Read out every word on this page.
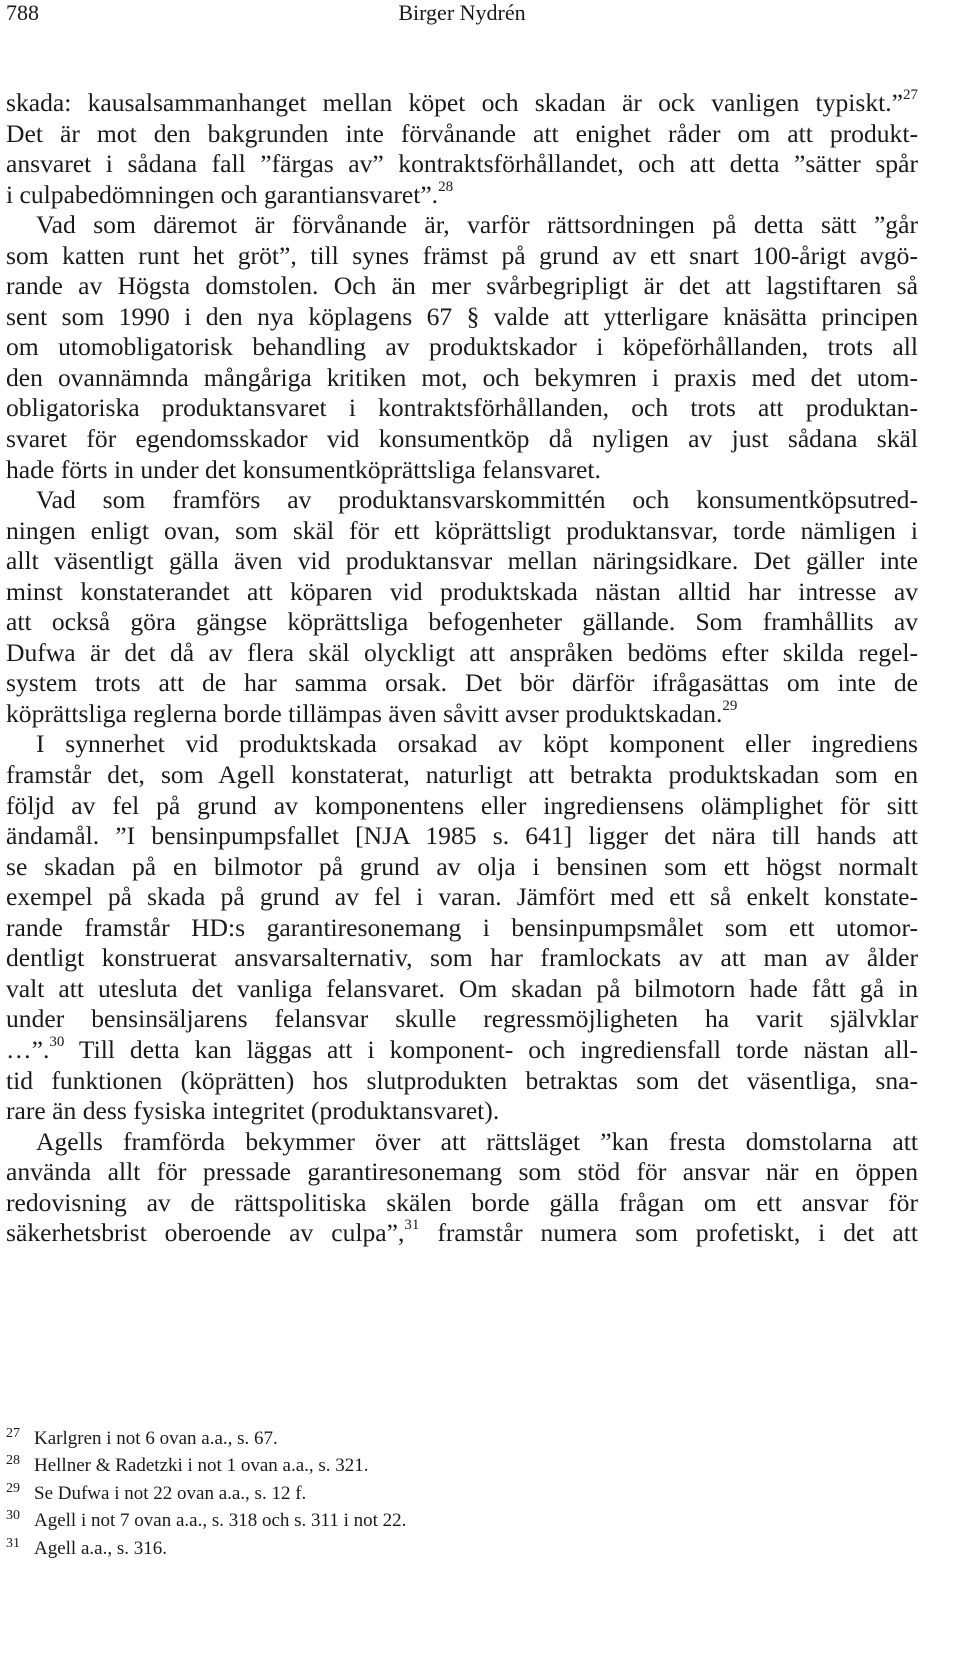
788	Birger Nydrén
skada: kausalsammanhanget mellan köpet och skadan är ock vanligen typiskt.”$^{27}$
Det är mot den bakgrunden inte förvånande att enighet råder om att produkt-
ansvaret i sådana fall ”färgas av” kontraktsförhållandet, och att detta ”sätter spår
i culpabedömningen och garantiansvaret”.$^{28}$
Vad som däremot är förvånande är, varför rättsordningen på detta sätt ”går
som katten runt het gröt”, till synes främst på grund av ett snart 100-årigt avgö-
rande av Högsta domstolen. Och än mer svårbegripligt är det att lagstiftaren så
sent som 1990 i den nya köplagens 67 § valde att ytterligare knäsätta principen
om utomobligatorisk behandling av produktskador i köpeförhållanden, trots all
den ovannämnda mångåriga kritiken mot, och bekymren i praxis med det utom-
obligatoriska produktansvaret i kontraktsförhållanden, och trots att produktan-
svaret för egendomsskador vid konsumentköp då nyligen av just sådana skäl
hade förts in under det konsumentköprättsliga felansvaret.
Vad som framförs av produktansvarskommittén och konsumentköpsutred-
ningen enligt ovan, som skäl för ett köprättsligt produktansvar, torde nämligen i
allt väsentligt gälla även vid produktansvar mellan näringsidkare. Det gäller inte
minst konstaterandet att köparen vid produktskada nästan alltid har intresse av
att också göra gängse köprättsliga befogenheter gällande. Som framhållits av
Dufwa är det då av flera skäl olyckligt att anspråken bedöms efter skilda regel-
system trots att de har samma orsak. Det bör därför ifrågasättas om inte de
köprättsliga reglerna borde tillämpas även såvitt avser produktskadan.$^{29}$
I synnerhet vid produktskada orsakad av köpt komponent eller ingrediens
framstår det, som Agell konstaterat, naturligt att betrakta produktskadan som en
följd av fel på grund av komponentens eller ingrediensens olämplighet för sitt
ändamål. ”I bensinpumpsfallet [NJA 1985 s. 641] ligger det nära till hands att
se skadan på en bilmotor på grund av olja i bensinen som ett högst normalt
exempel på skada på grund av fel i varan. Jämfört med ett så enkelt konstate-
rande framstår HD:s garantiresonemang i bensinpumpsmålet som ett utomor-
dentligt konstruerat ansvarsalternativ, som har framlockats av att man av ålder
valt att utesluta det vanliga felansvaret. Om skadan på bilmotorn hade fått gå in
under bensinsäljarens felansvar skulle regressmöjligheten ha varit självklar
…”.$^{30}$ Till detta kan läggas att i komponent- och ingrediensfall torde nästan all-
tid funktionen (köprätten) hos slutprodukten betraktas som det väsentliga, sna-
rare än dess fysiska integritet (produktansvaret).
Agells framförda bekymmer över att rättsläget ”kan fresta domstolarna att
använda allt för pressade garantiresonemang som stöd för ansvar när en öppen
redovisning av de rättspolitiska skälen borde gälla frågan om ett ansvar för
säkerhetsbrist oberoende av culpa”,$^{31}$ framstår numera som profetiskt, i det att
27 Karlgren i not 6 ovan a.a., s. 67.
28 Hellner & Radetzki i not 1 ovan a.a., s. 321.
29 Se Dufwa i not 22 ovan a.a., s. 12 f.
30 Agell i not 7 ovan a.a., s. 318 och s. 311 i not 22.
31 Agell a.a., s. 316.
